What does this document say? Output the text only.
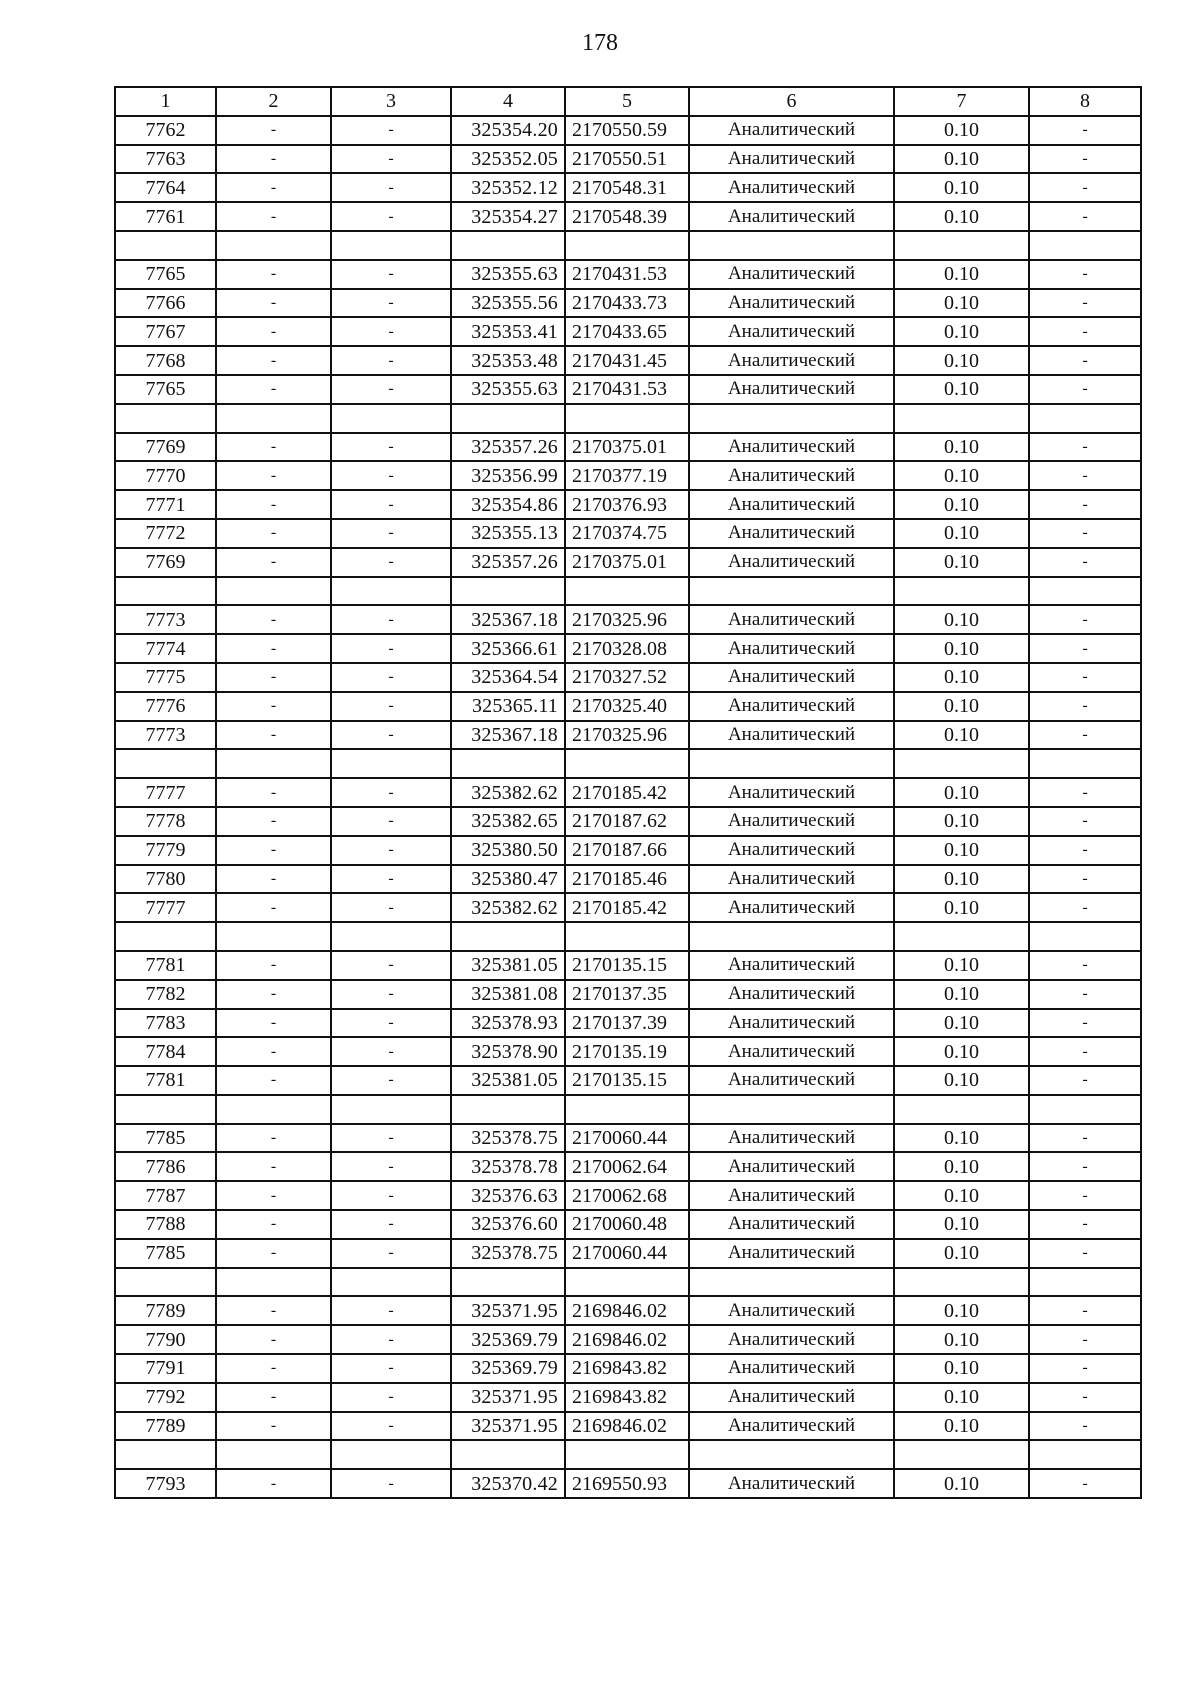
178
1	2	3	4	5	6	7	8
7762	-	-	325354.20	2170550.59	Аналитический	0.10	-
7763	-	-	325352.05	2170550.51	Аналитический	0.10	-
7764	-	-	325352.12	2170548.31	Аналитический	0.10	-
7761	-	-	325354.27	2170548.39	Аналитический	0.10	-

7765	-	-	325355.63	2170431.53	Аналитический	0.10	-
7766	-	-	325355.56	2170433.73	Аналитический	0.10	-
7767	-	-	325353.41	2170433.65	Аналитический	0.10	-
7768	-	-	325353.48	2170431.45	Аналитический	0.10	-
7765	-	-	325355.63	2170431.53	Аналитический	0.10	-

7769	-	-	325357.26	2170375.01	Аналитический	0.10	-
7770	-	-	325356.99	2170377.19	Аналитический	0.10	-
7771	-	-	325354.86	2170376.93	Аналитический	0.10	-
7772	-	-	325355.13	2170374.75	Аналитический	0.10	-
7769	-	-	325357.26	2170375.01	Аналитический	0.10	-

7773	-	-	325367.18	2170325.96	Аналитический	0.10	-
7774	-	-	325366.61	2170328.08	Аналитический	0.10	-
7775	-	-	325364.54	2170327.52	Аналитический	0.10	-
7776	-	-	325365.11	2170325.40	Аналитический	0.10	-
7773	-	-	325367.18	2170325.96	Аналитический	0.10	-

7777	-	-	325382.62	2170185.42	Аналитический	0.10	-
7778	-	-	325382.65	2170187.62	Аналитический	0.10	-
7779	-	-	325380.50	2170187.66	Аналитический	0.10	-
7780	-	-	325380.47	2170185.46	Аналитический	0.10	-
7777	-	-	325382.62	2170185.42	Аналитический	0.10	-

7781	-	-	325381.05	2170135.15	Аналитический	0.10	-
7782	-	-	325381.08	2170137.35	Аналитический	0.10	-
7783	-	-	325378.93	2170137.39	Аналитический	0.10	-
7784	-	-	325378.90	2170135.19	Аналитический	0.10	-
7781	-	-	325381.05	2170135.15	Аналитический	0.10	-

7785	-	-	325378.75	2170060.44	Аналитический	0.10	-
7786	-	-	325378.78	2170062.64	Аналитический	0.10	-
7787	-	-	325376.63	2170062.68	Аналитический	0.10	-
7788	-	-	325376.60	2170060.48	Аналитический	0.10	-
7785	-	-	325378.75	2170060.44	Аналитический	0.10	-

7789	-	-	325371.95	2169846.02	Аналитический	0.10	-
7790	-	-	325369.79	2169846.02	Аналитический	0.10	-
7791	-	-	325369.79	2169843.82	Аналитический	0.10	-
7792	-	-	325371.95	2169843.82	Аналитический	0.10	-
7789	-	-	325371.95	2169846.02	Аналитический	0.10	-

7793	-	-	325370.42	2169550.93	Аналитический	0.10	-
